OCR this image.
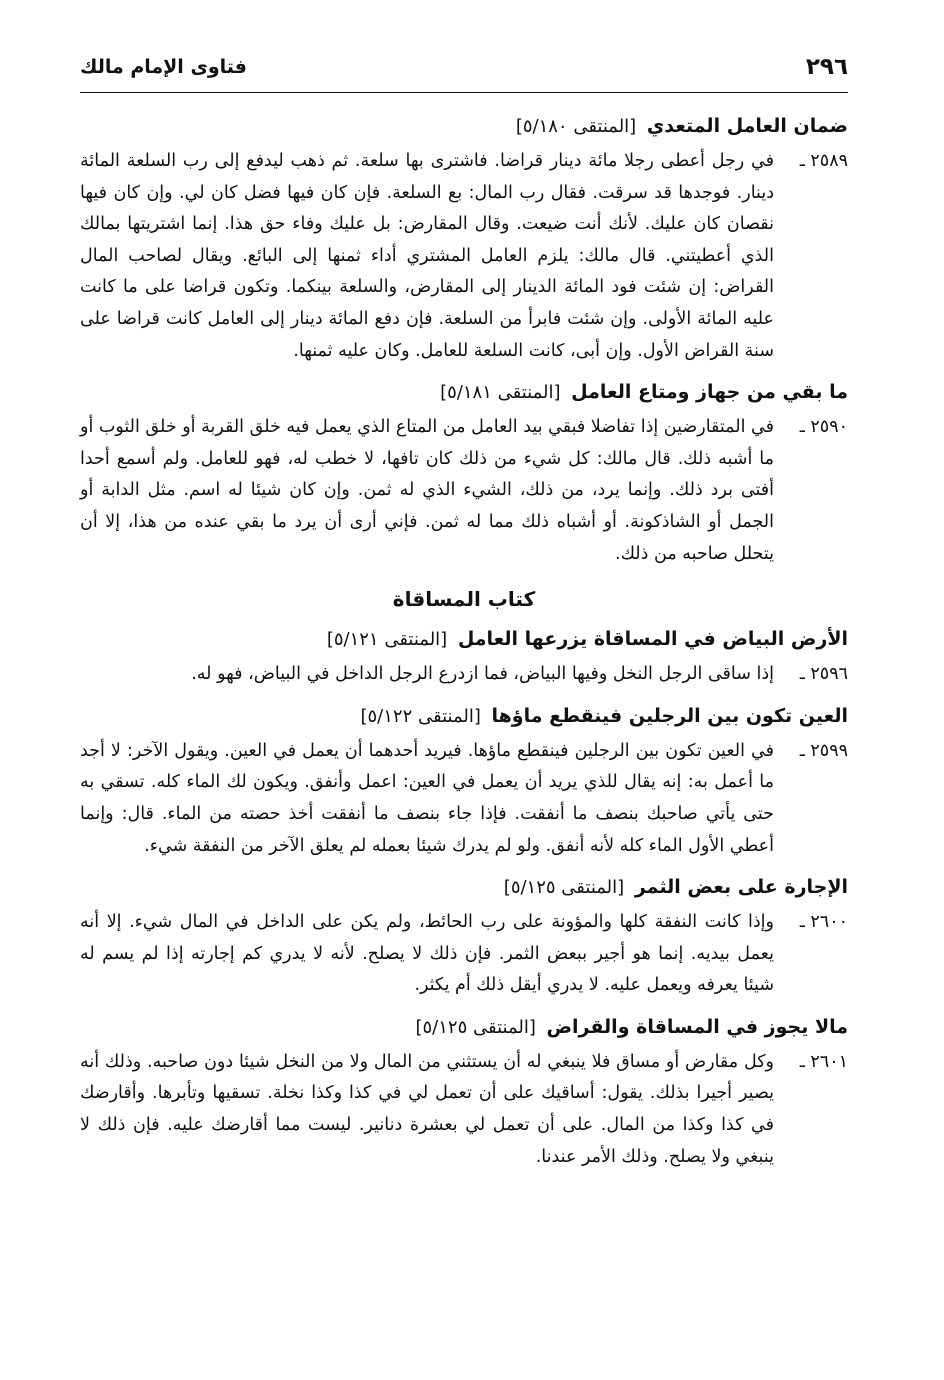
٢٩٦
فتاوى الإمام مالك
ضمان العامل المتعدي [المنتقى ٥/١٨٠]
٢٥٨٩ ـ
في رجل أعطى رجلا مائة دينار قراضا. فاشترى بها سلعة. ثم ذهب ليدفع إلى رب السلعة المائة دينار. فوجدها قد سرقت. فقال رب المال: بع السلعة. فإن كان فيها فضل كان لي. وإن كان فيها نقصان كان عليك. لأنك أنت ضيعت. وقال المقارض: بل عليك وفاء حق هذا. إنما اشتريتها بمالك الذي أعطيتني. قال مالك: يلزم العامل المشتري أداء ثمنها إلى البائع. ويقال لصاحب المال القراض: إن شئت فود المائة الدينار إلى المقارض، والسلعة بينكما. وتكون قراضا على ما كانت عليه المائة الأولى. وإن شئت فابرأ من السلعة. فإن دفع المائة دينار إلى العامل كانت قراضا على سنة القراض الأول. وإن أبى، كانت السلعة للعامل. وكان عليه ثمنها.
ما بقي من جهاز ومتاع العامل [المنتقى ٥/١٨١]
٢٥٩٠ ـ
في المتقارضين إذا تفاضلا فبقي بيد العامل من المتاع الذي يعمل فيه خلق القربة أو خلق الثوب أو ما أشبه ذلك. قال مالك: كل شيء من ذلك كان تافها، لا خطب له، فهو للعامل. ولم أسمع أحدا أفتى برد ذلك. وإنما يرد، من ذلك، الشيء الذي له ثمن. وإن كان شيئا له اسم. مثل الدابة أو الجمل أو الشاذكونة. أو أشباه ذلك مما له ثمن. فإني أرى أن يرد ما بقي عنده من هذا، إلا أن يتحلل صاحبه من ذلك.
كتاب المساقاة
الأرض البياض في المساقاة يزرعها العامل [المنتقى ٥/١٢١]
٢٥٩٦ ـ
إذا ساقى الرجل النخل وفيها البياض، فما ازدرع الرجل الداخل في البياض، فهو له.
العين تكون بين الرجلين فينقطع ماؤها [المنتقى ٥/١٢٢]
٢٥٩٩ ـ
في العين تكون بين الرجلين فينقطع ماؤها. فيريد أحدهما أن يعمل في العين. ويقول الآخر: لا أجد ما أعمل به: إنه يقال للذي يريد أن يعمل في العين: اعمل وأنفق. ويكون لك الماء كله. تسقي به حتى يأتي صاحبك بنصف ما أنفقت. فإذا جاء بنصف ما أنفقت أخذ حصته من الماء. قال: وإنما أعطي الأول الماء كله لأنه أنفق. ولو لم يدرك شيئا بعمله لم يعلق الآخر من النفقة شيء.
الإجارة على بعض الثمر [المنتقى ٥/١٢٥]
٢٦٠٠ ـ
وإذا كانت النفقة كلها والمؤونة على رب الحائط، ولم يكن على الداخل في المال شيء. إلا أنه يعمل بيديه. إنما هو أجير ببعض الثمر. فإن ذلك لا يصلح. لأنه لا يدري كم إجارته إذا لم يسم له شيئا يعرفه ويعمل عليه. لا يدري أيقل ذلك أم يكثر.
مالا يجوز في المساقاة والقراض [المنتقى ٥/١٢٥]
٢٦٠١ ـ
وكل مقارض أو مساق فلا ينبغي له أن يستثني من المال ولا من النخل شيئا دون صاحبه. وذلك أنه يصير أجيرا بذلك. يقول: أساقيك على أن تعمل لي في كذا وكذا نخلة. تسقيها وتأبرها. وأقارضك في كذا وكذا من المال. على أن تعمل لي بعشرة دنانير. ليست مما أقارضك عليه. فإن ذلك لا ينبغي ولا يصلح. وذلك الأمر عندنا.
